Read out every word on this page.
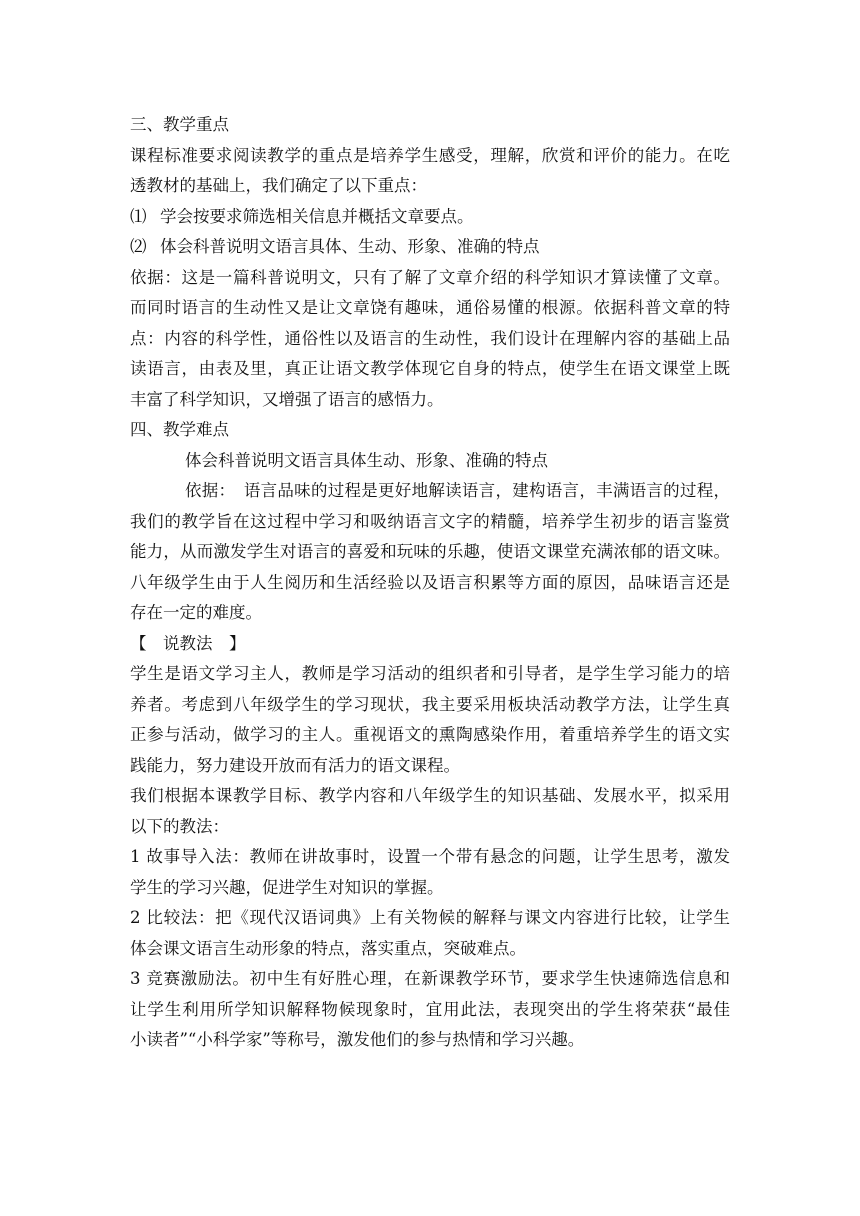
三、教学重点

课程标准要求阅读教学的重点是培养学生感受，理解，欣赏和评价的能力。在吃

透教材的基础上，我们确定了以下重点：

⑴ 学会按要求筛选相关信息并概括文章要点。

⑵ 体会科普说明文语言具体、生动、形象、准确的特点

依据：这是一篇科普说明文，只有了解了文章介绍的科学知识才算读懂了文章。

而同时语言的生动性又是让文章饶有趣味，通俗易懂的根源。依据科普文章的特

点：内容的科学性，通俗性以及语言的生动性，我们设计在理解内容的基础上品

读语言，由表及里，真正让语文教学体现它自身的特点，使学生在语文课堂上既

丰富了科学知识，又增强了语言的感悟力。

四、教学难点

体会科普说明文语言具体生动、形象、准确的特点

依据：　语言品味的过程是更好地解读语言，建构语言，丰满语言的过程，

我们的教学旨在这过程中学习和吸纳语言文字的精髓，培养学生初步的语言鉴赏

能力，从而激发学生对语言的喜爱和玩味的乐趣，使语文课堂充满浓郁的语文味。

八年级学生由于人生阅历和生活经验以及语言积累等方面的原因，品味语言还是

存在一定的难度。

【　说教法　】

学生是语文学习主人，教师是学习活动的组织者和引导者，是学生学习能力的培

养者。考虑到八年级学生的学习现状，我主要采用板块活动教学方法，让学生真

正参与活动，做学习的主人。重视语文的熏陶感染作用，着重培养学生的语文实

践能力，努力建设开放而有活力的语文课程。

我们根据本课教学目标、教学内容和八年级学生的知识基础、发展水平，拟采用

以下的教法：

1 故事导入法：教师在讲故事时，设置一个带有悬念的问题，让学生思考，激发

学生的学习兴趣，促进学生对知识的掌握。

2 比较法：把《现代汉语词典》上有关物候的解释与课文内容进行比较，让学生

体会课文语言生动形象的特点，落实重点，突破难点。

3 竞赛激励法。初中生有好胜心理，在新课教学环节，要求学生快速筛选信息和

让学生利用所学知识解释物候现象时，宜用此法，表现突出的学生将荣获“最佳

小读者”“小科学家”等称号，激发他们的参与热情和学习兴趣。
